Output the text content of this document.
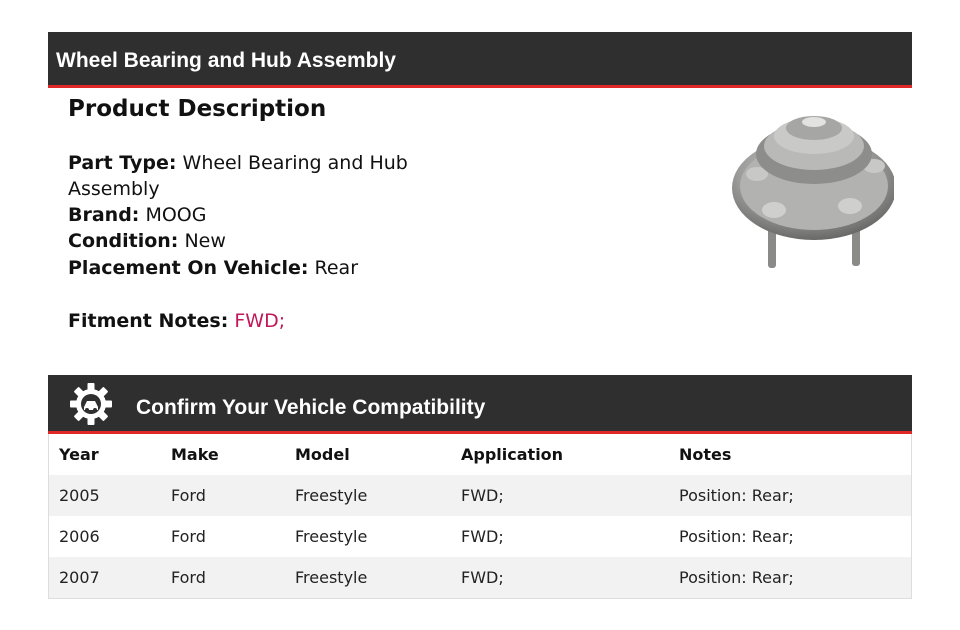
Wheel Bearing and Hub Assembly
Product Description
Part Type: Wheel Bearing and Hub
Assembly
Brand: MOOG
Condition: New
Placement On Vehicle: Rear
Fitment Notes: FWD;
Confirm Your Vehicle Compatibility
Year	Make	Model	Application	Notes
2005	Ford	Freestyle	FWD;	Position: Rear;
2006	Ford	Freestyle	FWD;	Position: Rear;
2007	Ford	Freestyle	FWD;	Position: Rear;
